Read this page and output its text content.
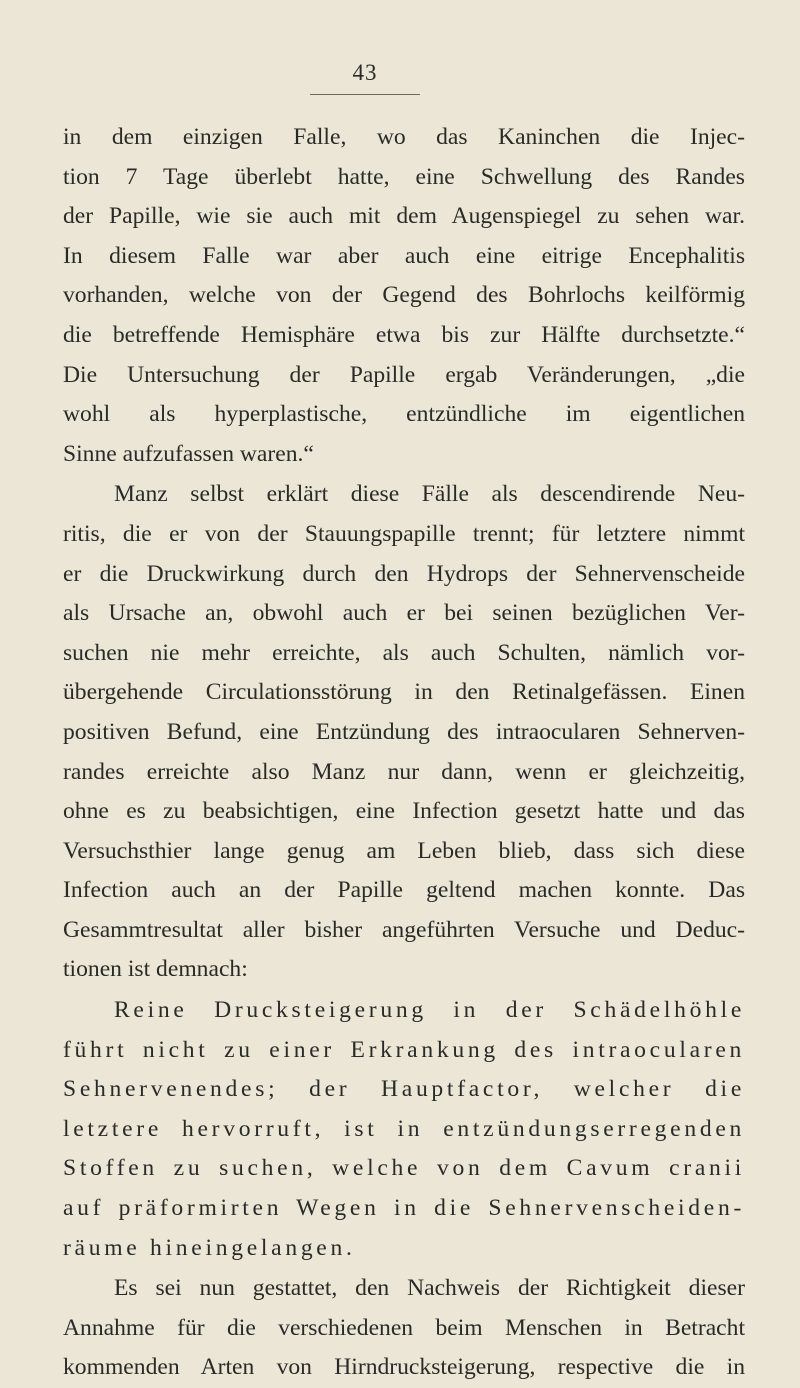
43
in dem einzigen Falle, wo das Kaninchen die Injec-
tion 7 Tage überlebt hatte, eine Schwellung des Randes
der Papille, wie sie auch mit dem Augenspiegel zu sehen war.
In diesem Falle war aber auch eine eitrige Encephalitis
vorhanden, welche von der Gegend des Bohrlochs keilförmig
die betreffende Hemisphäre etwa bis zur Hälfte durchsetzte.“
Die Untersuchung der Papille ergab Veränderungen, „die
wohl als hyperplastische, entzündliche im eigentlichen
Sinne aufzufassen waren.“
Manz selbst erklärt diese Fälle als descendirende Neu-
ritis, die er von der Stauungspapille trennt; für letztere nimmt
er die Druckwirkung durch den Hydrops der Sehnervenscheide
als Ursache an, obwohl auch er bei seinen bezüglichen Ver-
suchen nie mehr erreichte, als auch Schulten, nämlich vor-
übergehende Circulationsstörung in den Retinalgefässen. Einen
positiven Befund, eine Entzündung des intraocularen Sehnerven-
randes erreichte also Manz nur dann, wenn er gleichzeitig,
ohne es zu beabsichtigen, eine Infection gesetzt hatte und das
Versuchsthier lange genug am Leben blieb, dass sich diese
Infection auch an der Papille geltend machen konnte. Das
Gesammtresultat aller bisher angeführten Versuche und Deduc-
tionen ist demnach:
Reine Drucksteigerung in der Schädelhöhle
führt nicht zu einer Erkrankung des intraocularen
Sehnervenendes; der Hauptfactor, welcher die
letztere hervorruft, ist in entzündungserregenden
Stoffen zu suchen, welche von dem Cavum cranii
auf präformirten Wegen in die Sehnervenscheiden-
räume hineingelangen.
Es sei nun gestattet, den Nachweis der Richtigkeit dieser
Annahme für die verschiedenen beim Menschen in Betracht
kommenden Arten von Hirndrucksteigerung, respective die in
